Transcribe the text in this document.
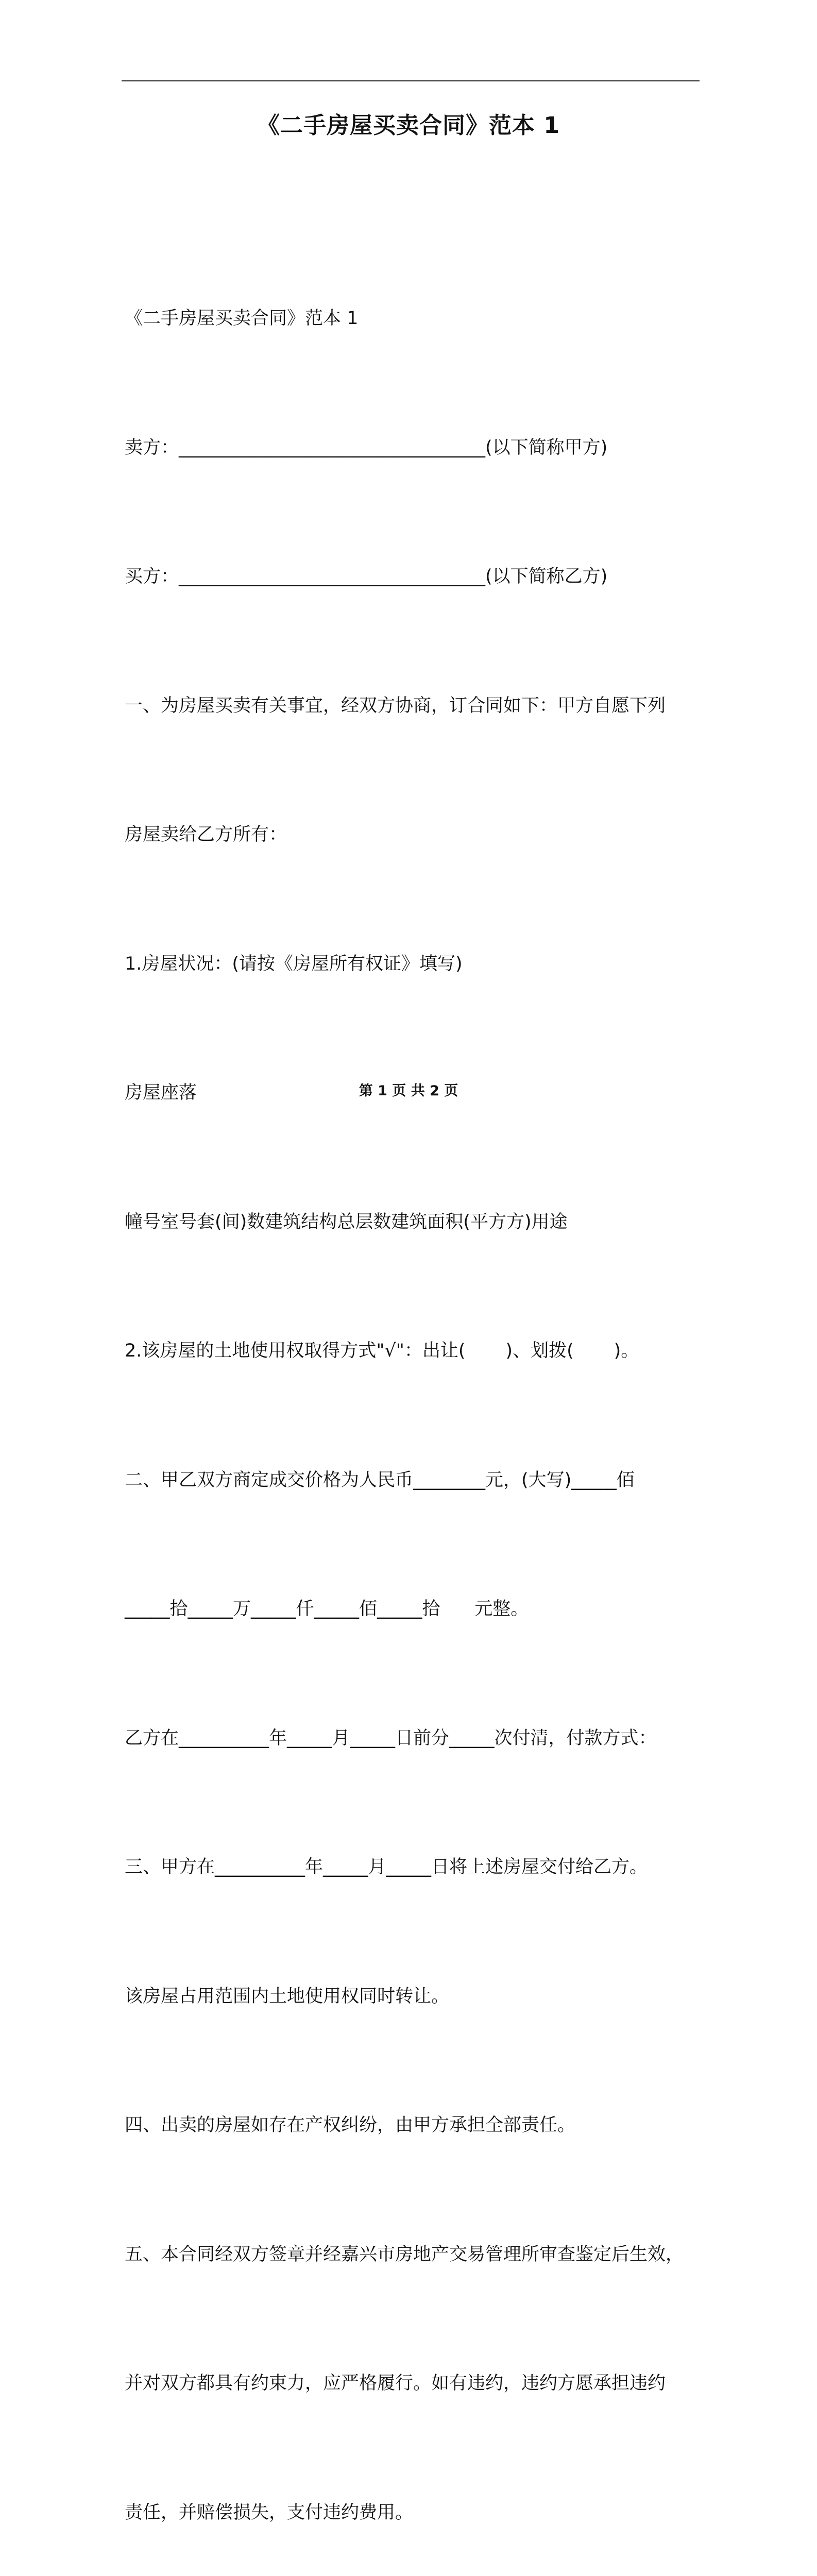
《二手房屋买卖合同》范本 1

《二手房屋买卖合同》范本 1

卖方：__________________________________(以下简称甲方)

买方：__________________________________(以下简称乙方)

一、为房屋买卖有关事宜，经双方协商，订合同如下：甲方自愿下列

房屋卖给乙方所有：

1.房屋状况：(请按《房屋所有权证》填写)

房屋座落

幢号室号套(间)数建筑结构总层数建筑面积(平方方)用途

2.该房屋的土地使用权取得方式"√"：出让(       )、划拨(       )。

二、甲乙双方商定成交价格为人民币________元，(大写)_____佰

_____拾_____万_____仟_____佰_____拾      元整。

乙方在__________年_____月_____日前分_____次付清，付款方式：

三、甲方在__________年_____月_____日将上述房屋交付给乙方。

该房屋占用范围内土地使用权同时转让。

四、出卖的房屋如存在产权纠纷，由甲方承担全部责任。

五、本合同经双方签章并经嘉兴市房地产交易管理所审查鉴定后生效，

并对双方都具有约束力，应严格履行。如有违约，违约方愿承担违约

责任，并赔偿损失，支付违约费用。

第 1 页 共 2 页
